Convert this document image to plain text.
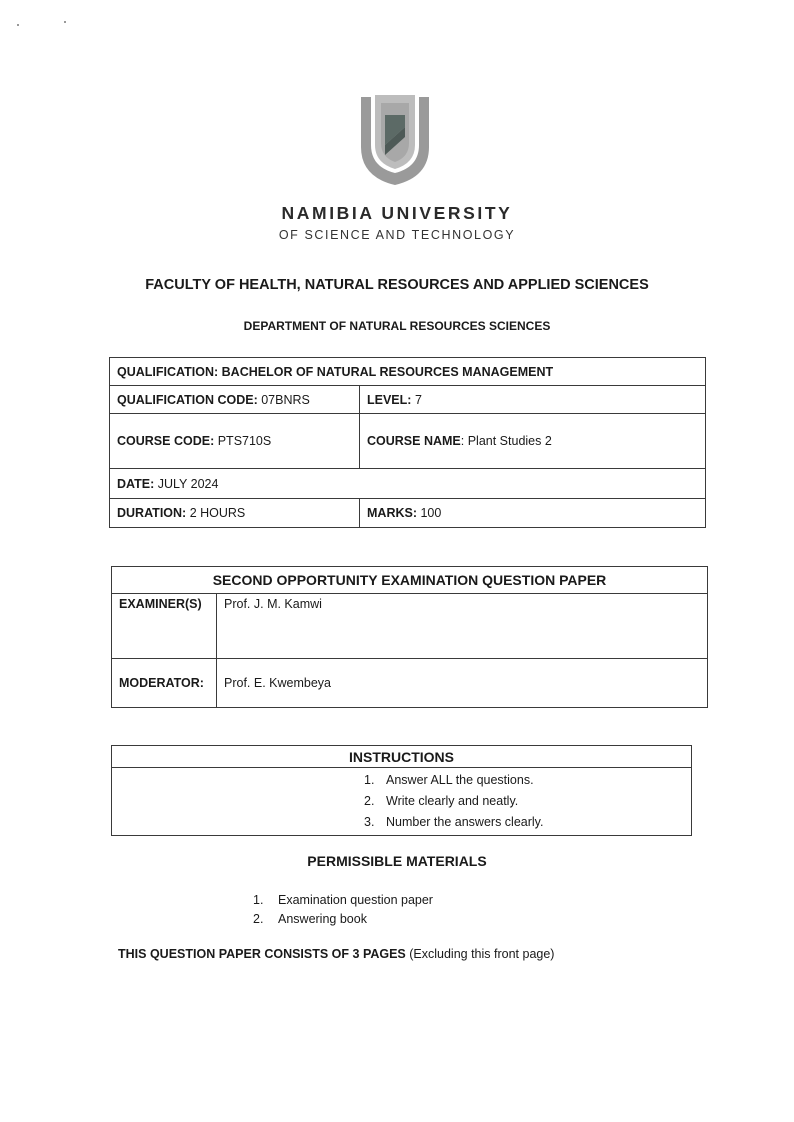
NAMIBIA UNIVERSITY
OF SCIENCE AND TECHNOLOGY
FACULTY OF HEALTH, NATURAL RESOURCES AND APPLIED SCIENCES
DEPARTMENT OF NATURAL RESOURCES SCIENCES
QUALIFICATION: BACHELOR OF NATURAL RESOURCES MANAGEMENT	
QUALIFICATION CODE: 07BNRS	LEVEL: 7
COURSE CODE: PTS710S	COURSE NAME: Plant Studies 2
DATE: JULY 2024	
DURATION: 2 HOURS	MARKS: 100
SECOND OPPORTUNITY EXAMINATION QUESTION PAPER	
EXAMINER(S)	Prof. J. M. Kamwi
MODERATOR:	Prof. E. Kwembeya
INSTRUCTIONS

1. Answer ALL the questions.
2. Write clearly and neatly.
3. Number the answers clearly.
PERMISSIBLE MATERIALS
1. Examination question paper
2. Answering book
THIS QUESTION PAPER CONSISTS OF 3 PAGES (Excluding this front page)
